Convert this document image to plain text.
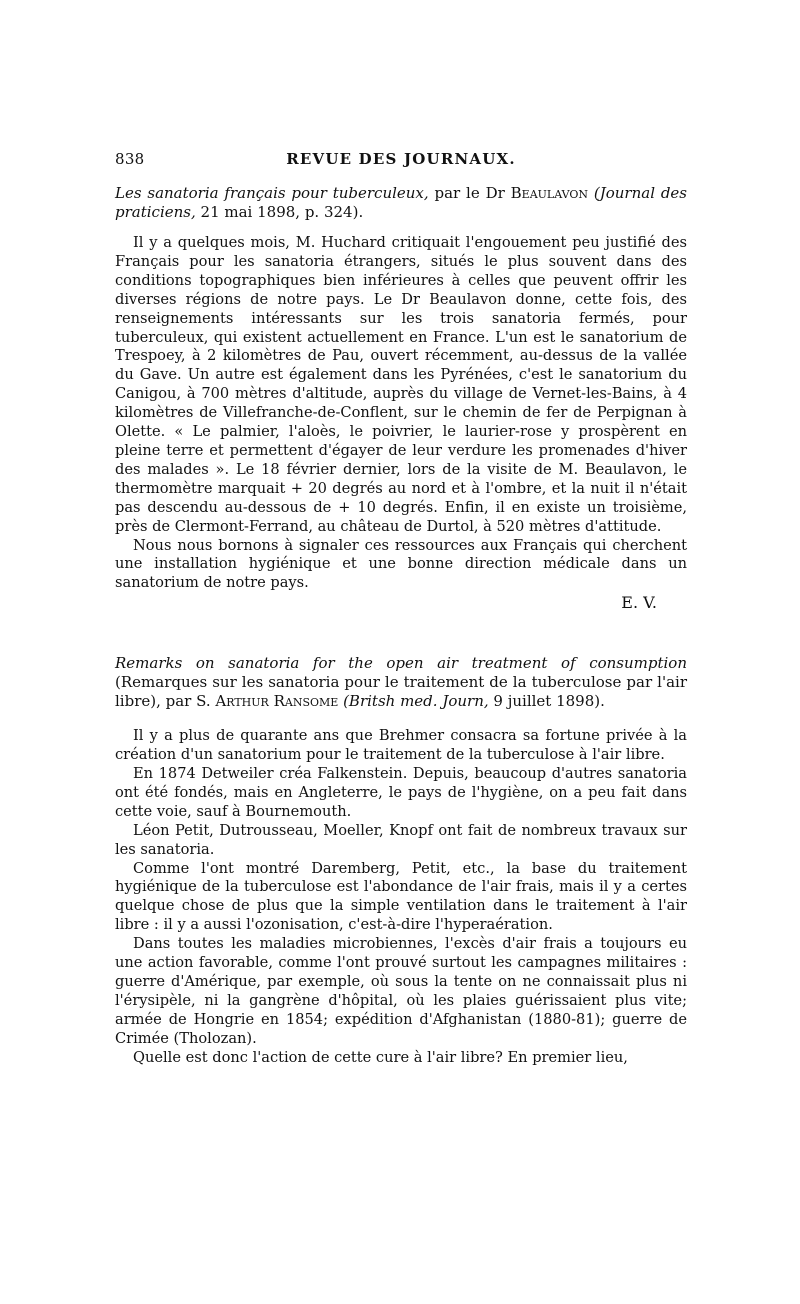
838	REVUE DES JOURNAUX.
Les sanatoria français pour tuberculeux, par le Dr Beaulavon (Journal des praticiens, 21 mai 1898, p. 324).

Il y a quelques mois, M. Huchard critiquait l'engouement peu justifié des Français pour les sanatoria étrangers, situés le plus souvent dans des conditions topographiques bien inférieures à celles que peuvent offrir les diverses régions de notre pays. Le Dr Beaulavon donne, cette fois, des renseignements intéressants sur les trois sanatoria fermés, pour tuberculeux, qui existent actuellement en France. L'un est le sanatorium de Trespoey, à 2 kilomètres de Pau, ouvert récemment, au-dessus de la vallée du Gave. Un autre est également dans les Pyrénées, c'est le sanatorium du Canigou, à 700 mètres d'altitude, auprès du village de Vernet-les-Bains, à 4 kilomètres de Villefranche-de-Conflent, sur le chemin de fer de Perpignan à Olette. « Le palmier, l'aloès, le poivrier, le laurier-rose y prospèrent en pleine terre et permettent d'égayer de leur verdure les promenades d'hiver des malades ». Le 18 février dernier, lors de la visite de M. Beaulavon, le thermomètre marquait + 20 degrés au nord et à l'ombre, et la nuit il n'était pas descendu au-dessous de + 10 degrés. Enfin, il en existe un troisième, près de Clermont-Ferrand, au château de Durtol, à 520 mètres d'attitude.

Nous nous bornons à signaler ces ressources aux Français qui cherchent une installation hygiénique et une bonne direction médicale dans un sanatorium de notre pays.

E. V.
Remarks on sanatoria for the open air treatment of consumption (Remarques sur les sanatoria pour le traitement de la tuberculose par l'air libre), par S. Arthur Ransome (Britsh med. Journ, 9 juillet 1898).

Il y a plus de quarante ans que Brehmer consacra sa fortune privée à la création d'un sanatorium pour le traitement de la tuberculose à l'air libre.

En 1874 Detweiler créa Falkenstein. Depuis, beaucoup d'autres sanatoria ont été fondés, mais en Angleterre, le pays de l'hygiène, on a peu fait dans cette voie, sauf à Bournemouth.

Léon Petit, Dutrousseau, Moeller, Knopf ont fait de nombreux travaux sur les sanatoria.

Comme l'ont montré Daremberg, Petit, etc., la base du traitement hygiénique de la tuberculose est l'abondance de l'air frais, mais il y a certes quelque chose de plus que la simple ventilation dans le traitement à l'air libre : il y a aussi l'ozonisation, c'est-à-dire l'hyperaération.

Dans toutes les maladies microbiennes, l'excès d'air frais a toujours eu une action favorable, comme l'ont prouvé surtout les campagnes militaires : guerre d'Amérique, par exemple, où sous la tente on ne connaissait plus ni l'érysipèle, ni la gangrène d'hôpital, où les plaies guérissaient plus vite; armée de Hongrie en 1854; expédition d'Afghanistan (1880-81); guerre de Crimée (Tholozan).

Quelle est donc l'action de cette cure à l'air libre? En premier lieu,
